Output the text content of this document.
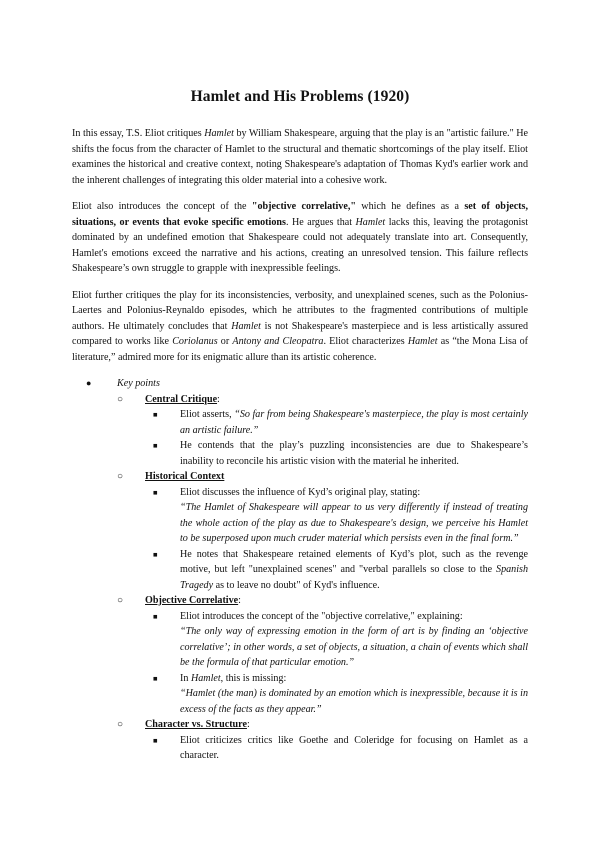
Hamlet and His Problems (1920)

In this essay, T.S. Eliot critiques Hamlet by William Shakespeare, arguing that the play is an "artistic failure." He shifts the focus from the character of Hamlet to the structural and thematic shortcomings of the play itself. Eliot examines the historical and creative context, noting Shakespeare's adaptation of Thomas Kyd's earlier work and the inherent challenges of integrating this older material into a cohesive work.

Eliot also introduces the concept of the "objective correlative," which he defines as a set of objects, situations, or events that evoke specific emotions. He argues that Hamlet lacks this, leaving the protagonist dominated by an undefined emotion that Shakespeare could not adequately translate into art. Consequently, Hamlet's emotions exceed the narrative and his actions, creating an unresolved tension. This failure reflects Shakespeare’s own struggle to grapple with inexpressible feelings.

Eliot further critiques the play for its inconsistencies, verbosity, and unexplained scenes, such as the Polonius-Laertes and Polonius-Reynaldo episodes, which he attributes to the fragmented contributions of multiple authors. He ultimately concludes that Hamlet is not Shakespeare's masterpiece and is less artistically assured compared to works like Coriolanus or Antony and Cleopatra. Eliot characterizes Hamlet as “the Mona Lisa of literature,” admired more for its enigmatic allure than its artistic coherence.

●	Key points
○ Central Critique:
■ Eliot asserts, “So far from being Shakespeare's masterpiece, the play is most certainly an artistic failure.”
■ He contends that the play’s puzzling inconsistencies are due to Shakespeare’s inability to reconcile his artistic vision with the material he inherited.
○ Historical Context
■ Eliot discusses the influence of Kyd’s original play, stating:
“The Hamlet of Shakespeare will appear to us very differently if instead of treating the whole action of the play as due to Shakespeare's design, we perceive his Hamlet to be superposed upon much cruder material which persists even in the final form.”
■ He notes that Shakespeare retained elements of Kyd’s plot, such as the revenge motive, but left "unexplained scenes" and "verbal parallels so close to the Spanish Tragedy as to leave no doubt" of Kyd's influence.
○ Objective Correlative:
■ Eliot introduces the concept of the "objective correlative," explaining:
“The only way of expressing emotion in the form of art is by finding an ‘objective correlative’; in other words, a set of objects, a situation, a chain of events which shall be the formula of that particular emotion.”
■ In Hamlet, this is missing:
“Hamlet (the man) is dominated by an emotion which is inexpressible, because it is in excess of the facts as they appear.”
○ Character vs. Structure:
■ Eliot criticizes critics like Goethe and Coleridge for focusing on Hamlet as a character.
